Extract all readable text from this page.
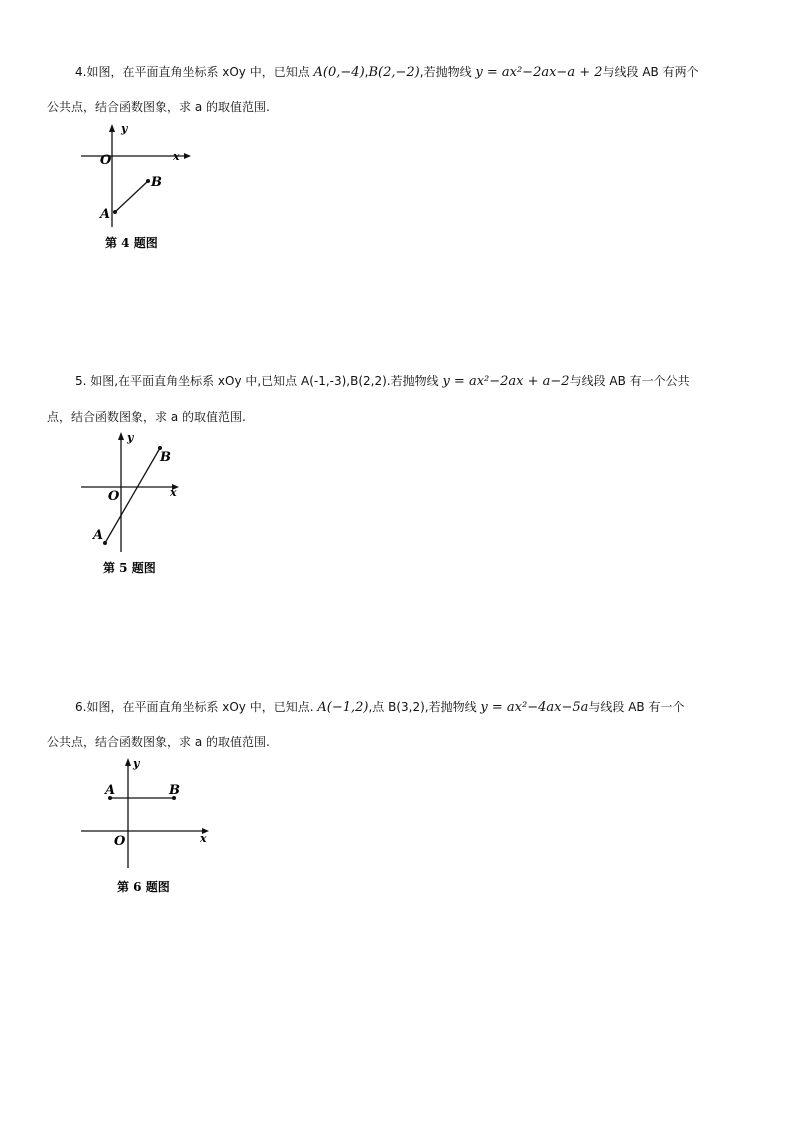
4.如图，在平面直角坐标系 xOy 中，已知点 A(0,−4),B(2,−2),若抛物线 y = ax²−2ax−a + 2与线段 AB 有两个
公共点，结合函数图象，求 a 的取值范围.
y
x
O
A
B
第 4 题图
5. 如图,在平面直角坐标系 xOy 中,已知点 A(-1,-3),B(2,2).若抛物线 y = ax²−2ax + a−2与线段 AB 有一个公共
点，结合函数图象，求 a 的取值范围.
y
x
O
A
B
第 5 题图
6.如图，在平面直角坐标系 xOy 中，已知点. A(−1,2),点 B(3,2),若抛物线 y = ax²−4ax−5a与线段 AB 有一个
公共点，结合函数图象，求 a 的取值范围.
y
x
O
A	B
第 6 题图
